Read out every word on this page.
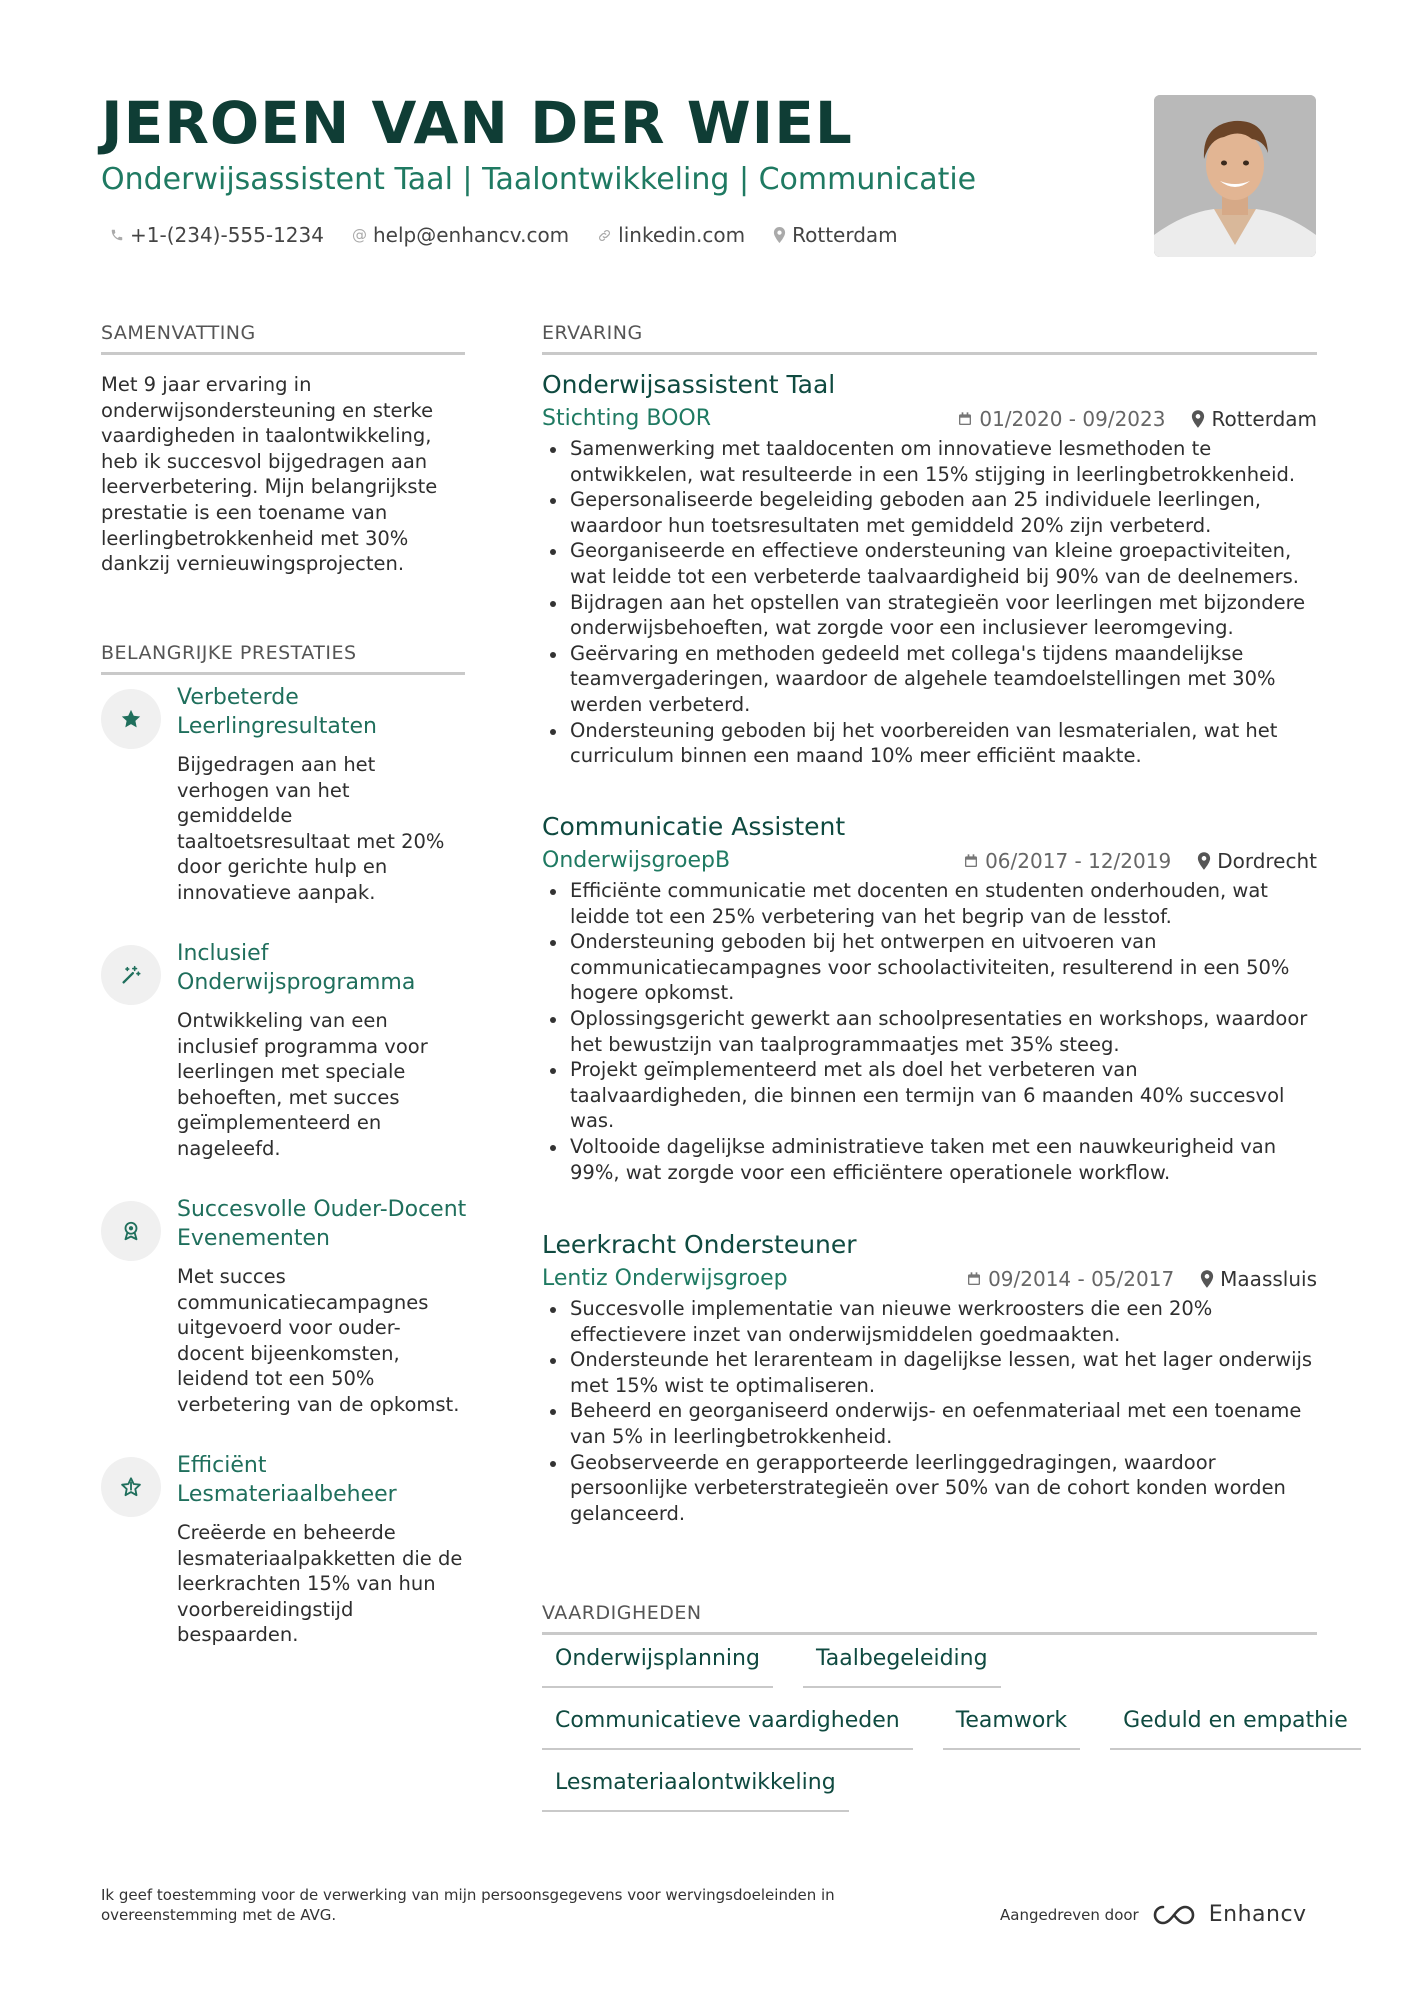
JEROEN VAN DER WIEL
Onderwijsassistent Taal | Taalontwikkeling | Communicatie
+1-(234)-555-1234 @ help@enhancv.com linkedin.com Rotterdam
SAMENVATTING
Met 9 jaar ervaring in onderwijsondersteuning en sterke vaardigheden in taalontwikkeling, heb ik succesvol bijgedragen aan leerverbetering. Mijn belangrijkste prestatie is een toename van leerlingbetrokkenheid met 30% dankzij vernieuwingsprojecten.
BELANGRIJKE PRESTATIES
Verbeterde Leerlingresultaten
Bijgedragen aan het verhogen van het gemiddelde taaltoetsresultaat met 20% door gerichte hulp en innovatieve aanpak.
Inclusief Onderwijsprogramma
Ontwikkeling van een inclusief programma voor leerlingen met speciale behoeften, met succes geïmplementeerd en nageleefd.
Succesvolle Ouder-Docent Evenementen
Met succes communicatiecampagnes uitgevoerd voor ouder-docent bijeenkomsten, leidend tot een 50% verbetering van de opkomst.
Efficiënt Lesmateriaalbeheer
Creëerde en beheerde lesmateriaalpakketten die de leerkrachten 15% van hun voorbereidingstijd bespaarden.
ERVARING
Onderwijsassistent Taal
Stichting BOOR	01/2020 - 09/2023 Rotterdam
Samenwerking met taaldocenten om innovatieve lesmethoden te ontwikkelen, wat resulteerde in een 15% stijging in leerlingbetrokkenheid.
Gepersonaliseerde begeleiding geboden aan 25 individuele leerlingen, waardoor hun toetsresultaten met gemiddeld 20% zijn verbeterd.
Georganiseerde en effectieve ondersteuning van kleine groepactiviteiten, wat leidde tot een verbeterde taalvaardigheid bij 90% van de deelnemers.
Bijdragen aan het opstellen van strategieën voor leerlingen met bijzondere onderwijsbehoeften, wat zorgde voor een inclusiever leeromgeving.
Geërvaring en methoden gedeeld met collega's tijdens maandelijkse teamvergaderingen, waardoor de algehele teamdoelstellingen met 30% werden verbeterd.
Ondersteuning geboden bij het voorbereiden van lesmaterialen, wat het curriculum binnen een maand 10% meer efficiënt maakte.
Communicatie Assistent
OnderwijsgroepB	06/2017 - 12/2019 Dordrecht
Efficiënte communicatie met docenten en studenten onderhouden, wat leidde tot een 25% verbetering van het begrip van de lesstof.
Ondersteuning geboden bij het ontwerpen en uitvoeren van communicatiecampagnes voor schoolactiviteiten, resulterend in een 50% hogere opkomst.
Oplossingsgericht gewerkt aan schoolpresentaties en workshops, waardoor het bewustzijn van taalprogrammaatjes met 35% steeg.
Projekt geïmplementeerd met als doel het verbeteren van taalvaardigheden, die binnen een termijn van 6 maanden 40% succesvol was.
Voltooide dagelijkse administratieve taken met een nauwkeurigheid van 99%, wat zorgde voor een efficiëntere operationele workflow.
Leerkracht Ondersteuner
Lentiz Onderwijsgroep	09/2014 - 05/2017 Maassluis
Succesvolle implementatie van nieuwe werkroosters die een 20% effectievere inzet van onderwijsmiddelen goedmaakten.
Ondersteunde het lerarenteam in dagelijkse lessen, wat het lager onderwijs met 15% wist te optimaliseren.
Beheerd en georganiseerd onderwijs- en oefenmateriaal met een toename van 5% in leerlingbetrokkenheid.
Geobserveerde en gerapporteerde leerlinggedragingen, waardoor persoonlijke verbeterstrategieën over 50% van de cohort konden worden gelanceerd.
VAARDIGHEDEN
Onderwijsplanning	Taalbegeleiding
Communicatieve vaardigheden	Teamwork	Geduld en empathie
Lesmateriaalontwikkeling
Ik geef toestemming voor de verwerking van mijn persoonsgegevens voor wervingsdoeleinden in overeenstemming met de AVG.	Aangedreven door	Enhancv
